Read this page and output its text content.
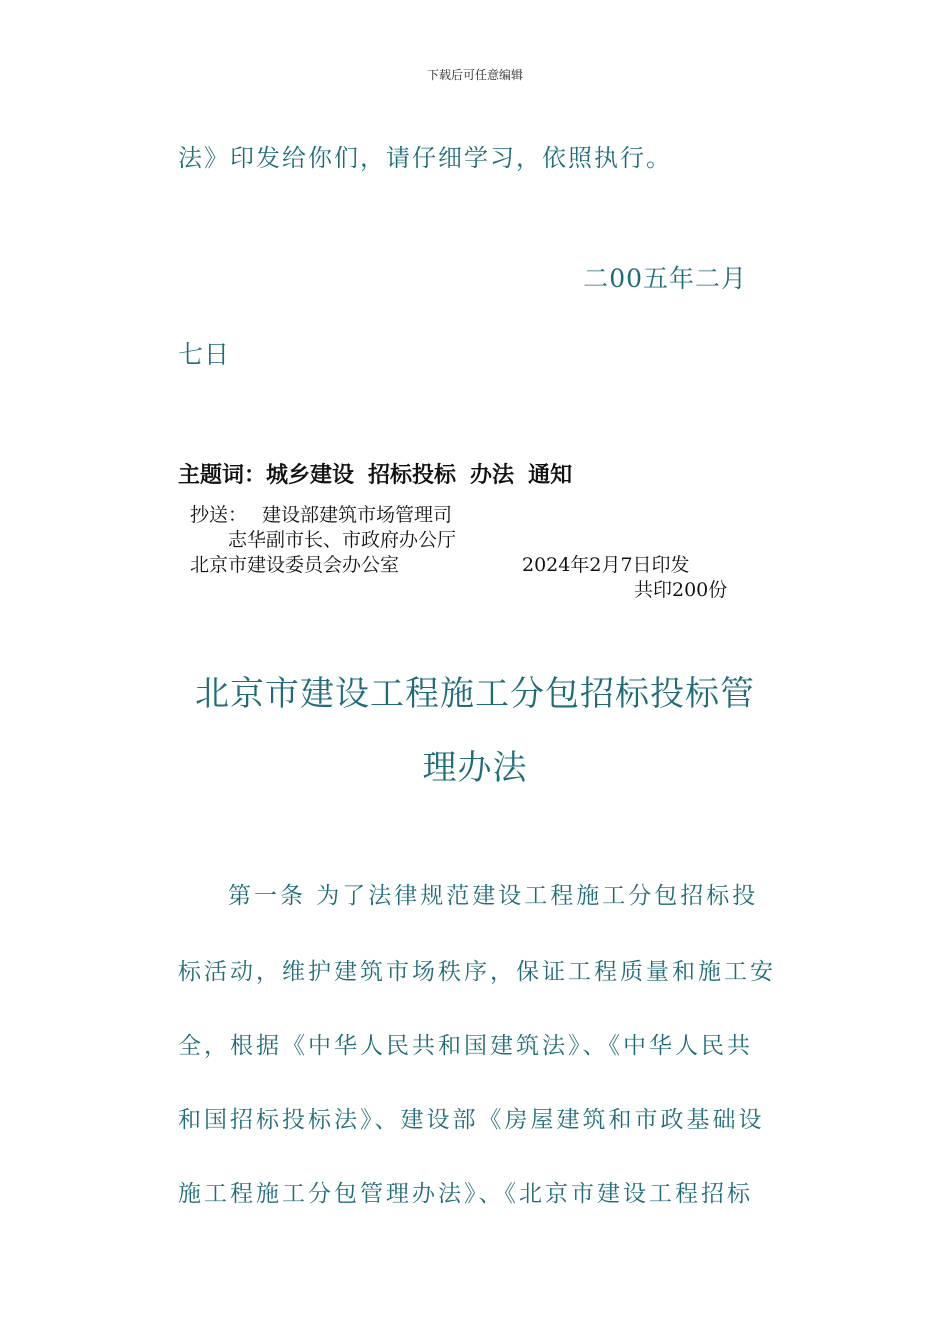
下载后可任意编辑
法》印发给你们，请仔细学习，依照执行。
二00五年二月
七日
主题词：城乡建设 招标投标 办法 通知
抄送： 建设部建筑市场管理司
志华副市长、市政府办公厅
北京市建设委员会办公室	2024年2月7日印发
共印200份
北京市建设工程施工分包招标投标管
理办法
第一条 为了法律规范建设工程施工分包招标投
标活动，维护建筑市场秩序，保证工程质量和施工安
全，根据《中华人民共和国建筑法》、《中华人民共
和国招标投标法》、建设部《房屋建筑和市政基础设
施工程施工分包管理办法》、《北京市建设工程招标
